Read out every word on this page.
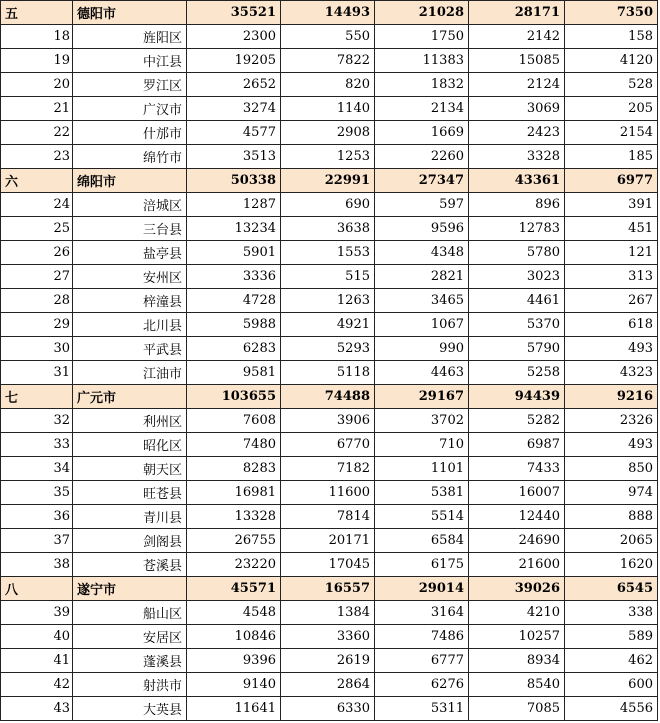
五	德阳市	35521	14493	21028	28171	7350
18	旌阳区	2300	550	1750	2142	158
19	中江县	19205	7822	11383	15085	4120
20	罗江区	2652	820	1832	2124	528
21	广汉市	3274	1140	2134	3069	205
22	什邡市	4577	2908	1669	2423	2154
23	绵竹市	3513	1253	2260	3328	185
六	绵阳市	50338	22991	27347	43361	6977
24	涪城区	1287	690	597	896	391
25	三台县	13234	3638	9596	12783	451
26	盐亭县	5901	1553	4348	5780	121
27	安州区	3336	515	2821	3023	313
28	梓潼县	4728	1263	3465	4461	267
29	北川县	5988	4921	1067	5370	618
30	平武县	6283	5293	990	5790	493
31	江油市	9581	5118	4463	5258	4323
七	广元市	103655	74488	29167	94439	9216
32	利州区	7608	3906	3702	5282	2326
33	昭化区	7480	6770	710	6987	493
34	朝天区	8283	7182	1101	7433	850
35	旺苍县	16981	11600	5381	16007	974
36	青川县	13328	7814	5514	12440	888
37	剑阁县	26755	20171	6584	24690	2065
38	苍溪县	23220	17045	6175	21600	1620
八	遂宁市	45571	16557	29014	39026	6545
39	船山区	4548	1384	3164	4210	338
40	安居区	10846	3360	7486	10257	589
41	蓬溪县	9396	2619	6777	8934	462
42	射洪市	9140	2864	6276	8540	600
43	大英县	11641	6330	5311	7085	4556
